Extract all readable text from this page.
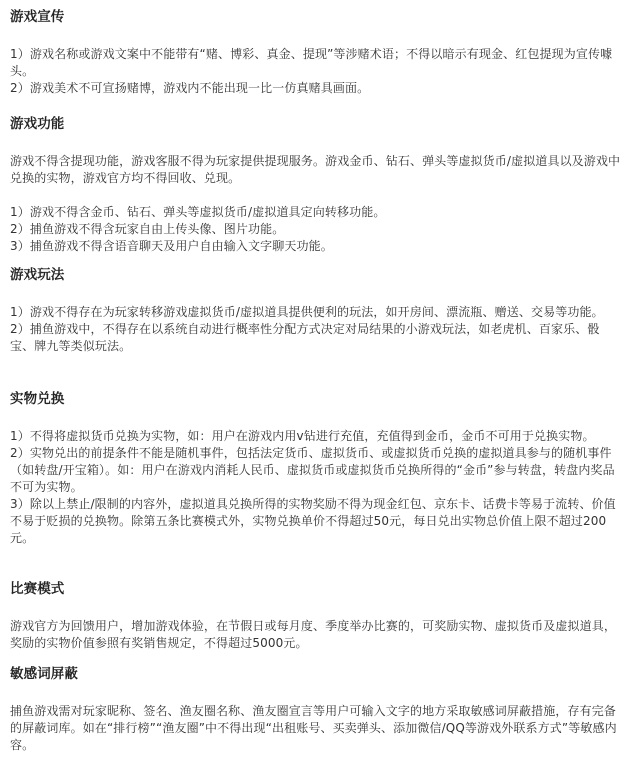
游戏宣传

1）游戏名称或游戏文案中不能带有“赌、博彩、真金、提现”等涉赌术语；不得以暗示有现金、红包提现为宣传噱头。

2）游戏美术不可宣扬赌博，游戏内不能出现一比一仿真赌具画面。

游戏功能

游戏不得含提现功能，游戏客服不得为玩家提供提现服务。游戏金币、钻石、弹头等虚拟货币/虚拟道具以及游戏中兑换的实物，游戏官方均不得回收、兑现。

1）游戏不得含金币、钻石、弹头等虚拟货币/虚拟道具定向转移功能。

2）捕鱼游戏不得含玩家自由上传头像、图片功能。

3）捕鱼游戏不得含语音聊天及用户自由输入文字聊天功能。

游戏玩法

1）游戏不得存在为玩家转移游戏虚拟货币/虚拟道具提供便利的玩法，如开房间、漂流瓶、赠送、交易等功能。

2）捕鱼游戏中，不得存在以系统自动进行概率性分配方式决定对局结果的小游戏玩法，如老虎机、百家乐、骰宝、牌九等类似玩法。

实物兑换

1）不得将虚拟货币兑换为实物，如：用户在游戏内用v钻进行充值，充值得到金币，金币不可用于兑换实物。

2）实物兑出的前提条件不能是随机事件，包括法定货币、虚拟货币、或虚拟货币兑换的虚拟道具参与的随机事件（如转盘/开宝箱）。如：用户在游戏内消耗人民币、虚拟货币或虚拟货币兑换所得的“金币”参与转盘，转盘内奖品不可为实物。

3）除以上禁止/限制的内容外，虚拟道具兑换所得的实物奖励不得为现金红包、京东卡、话费卡等易于流转、价值不易于贬损的兑换物。除第五条比赛模式外，实物兑换单价不得超过50元，每日兑出实物总价值上限不超过200元。

比赛模式

游戏官方为回馈用户，增加游戏体验，在节假日或每月度、季度举办比赛的，可奖励实物、虚拟货币及虚拟道具，奖励的实物价值参照有奖销售规定，不得超过5000元。

敏感词屏蔽

捕鱼游戏需对玩家昵称、签名、渔友圈名称、渔友圈宣言等用户可输入文字的地方采取敏感词屏蔽措施，存有完备的屏蔽词库。如在“排行榜”“渔友圈”中不得出现“出租账号、买卖弹头、添加微信/QQ等游戏外联系方式”等敏感内容。
